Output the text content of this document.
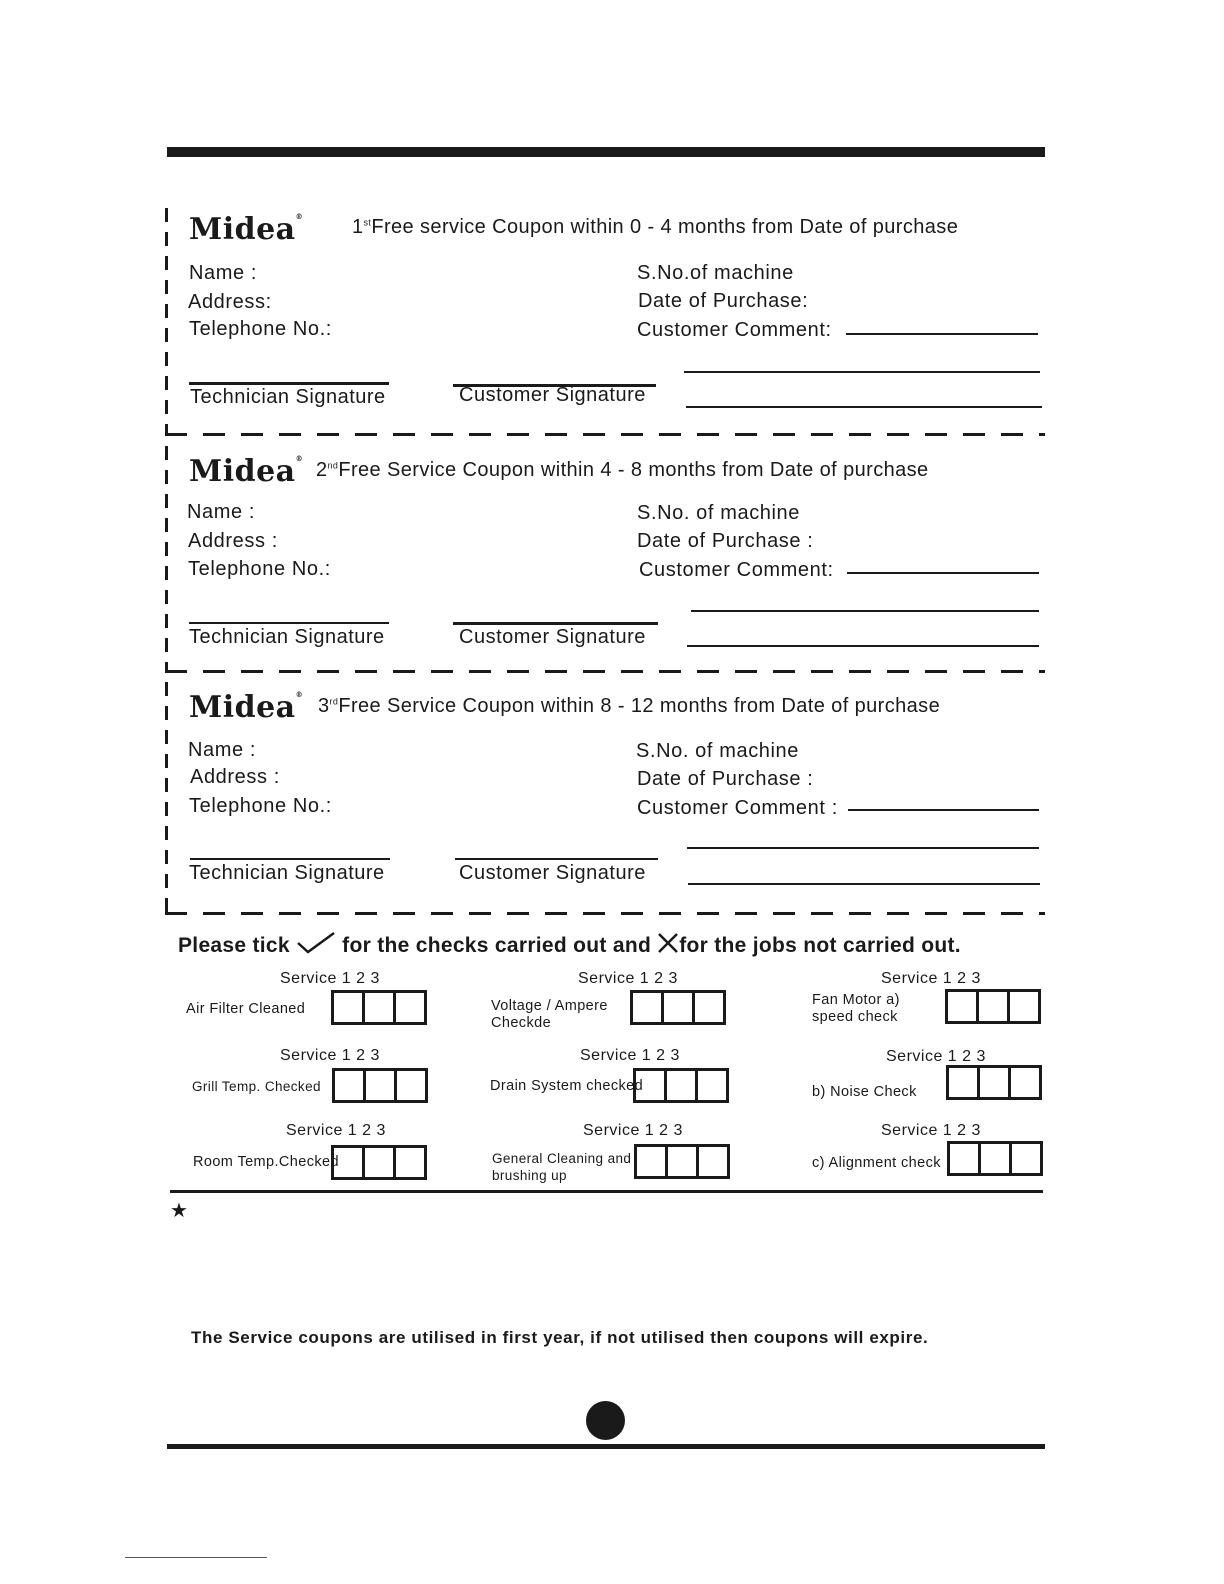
Midea® 1stFree service Coupon within 0 - 4 months from Date of purchase
Name :
Address:
Telephone No.:
S.No.of machine
Date of Purchase:
Customer Comment:
Technician Signature	Customer Signature
Midea®
2ndFree Service Coupon within 4 - 8 months from Date of purchase
Name :
Address :
Telephone No.:
S.No. of machine
Date of Purchase :
Customer Comment:
Technician Signature	Customer Signature
Midea®
3rdFree Service Coupon within 8 - 12 months from Date of purchase
Name :
Address :
Telephone No.:
S.No. of machine
Date of Purchase :
Customer Comment :
Technician Signature	Customer Signature
Please tick for the checks carried out and for the jobs not carried out.
Service 1 2 3
Air Filter Cleaned
Service 1 2 3
Voltage / Ampere Checkde
Service 1 2 3
Fan Motor a) speed check
Service 1 2 3
Grill Temp. Checked
Service 1 2 3
Drain System checked
Service 1 2 3
b) Noise Check
Service 1 2 3
Room Temp.Checked
Service 1 2 3
General Cleaning and brushing up
Service 1 2 3
c) Alignment check
★
The Service coupons are utilised in first year, if not utilised then coupons will expire.
